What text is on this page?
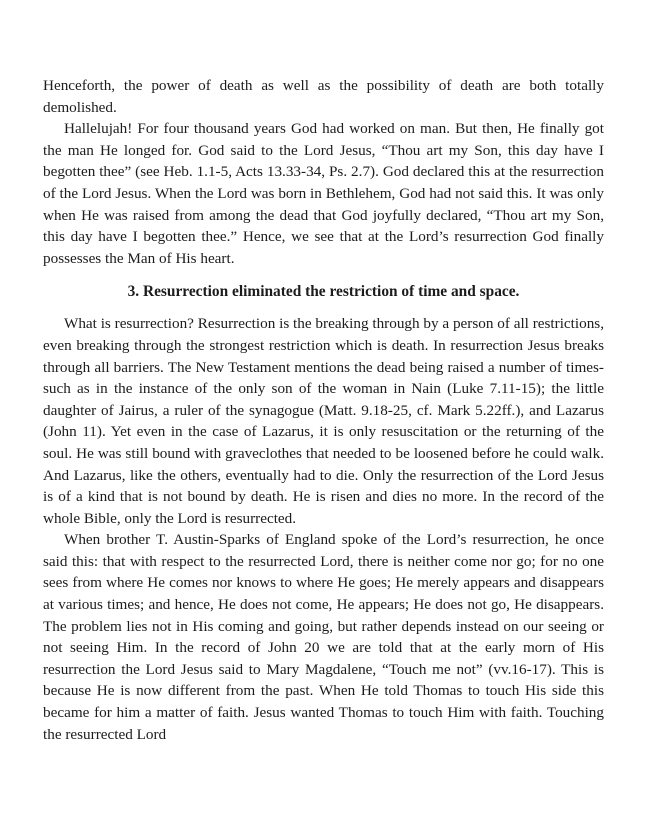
Henceforth, the power of death as well as the possibility of death are both totally demolished.

Hallelujah! For four thousand years God had worked on man. But then, He finally got the man He longed for. God said to the Lord Jesus, “Thou art my Son, this day have I begotten thee” (see Heb. 1.1-5, Acts 13.33-34, Ps. 2.7). God declared this at the resurrection of the Lord Jesus. When the Lord was born in Bethlehem, God had not said this. It was only when He was raised from among the dead that God joyfully declared, “Thou art my Son, this day have I begotten thee.” Hence, we see that at the Lord’s resurrection God finally possesses the Man of His heart.

3. Resurrection eliminated the restriction of time and space.

What is resurrection? Resurrection is the breaking through by a person of all restrictions, even breaking through the strongest restriction which is death. In resurrection Jesus breaks through all barriers. The New Testament mentions the dead being raised a number of times-such as in the instance of the only son of the woman in Nain (Luke 7.11-15); the little daughter of Jairus, a ruler of the synagogue (Matt. 9.18-25, cf. Mark 5.22ff.), and Lazarus (John 11). Yet even in the case of Lazarus, it is only resuscitation or the returning of the soul. He was still bound with graveclothes that needed to be loosened before he could walk. And Lazarus, like the others, eventually had to die. Only the resurrection of the Lord Jesus is of a kind that is not bound by death. He is risen and dies no more. In the record of the whole Bible, only the Lord is resurrected.

When brother T. Austin-Sparks of England spoke of the Lord’s resurrection, he once said this: that with respect to the resurrected Lord, there is neither come nor go; for no one sees from where He comes nor knows to where He goes; He merely appears and disappears at various times; and hence, He does not come, He appears; He does not go, He disappears. The problem lies not in His coming and going, but rather depends instead on our seeing or not seeing Him. In the record of John 20 we are told that at the early morn of His resurrection the Lord Jesus said to Mary Magdalene, “Touch me not” (vv.16-17). This is because He is now different from the past. When He told Thomas to touch His side this became for him a matter of faith. Jesus wanted Thomas to touch Him with faith. Touching the resurrected Lord
